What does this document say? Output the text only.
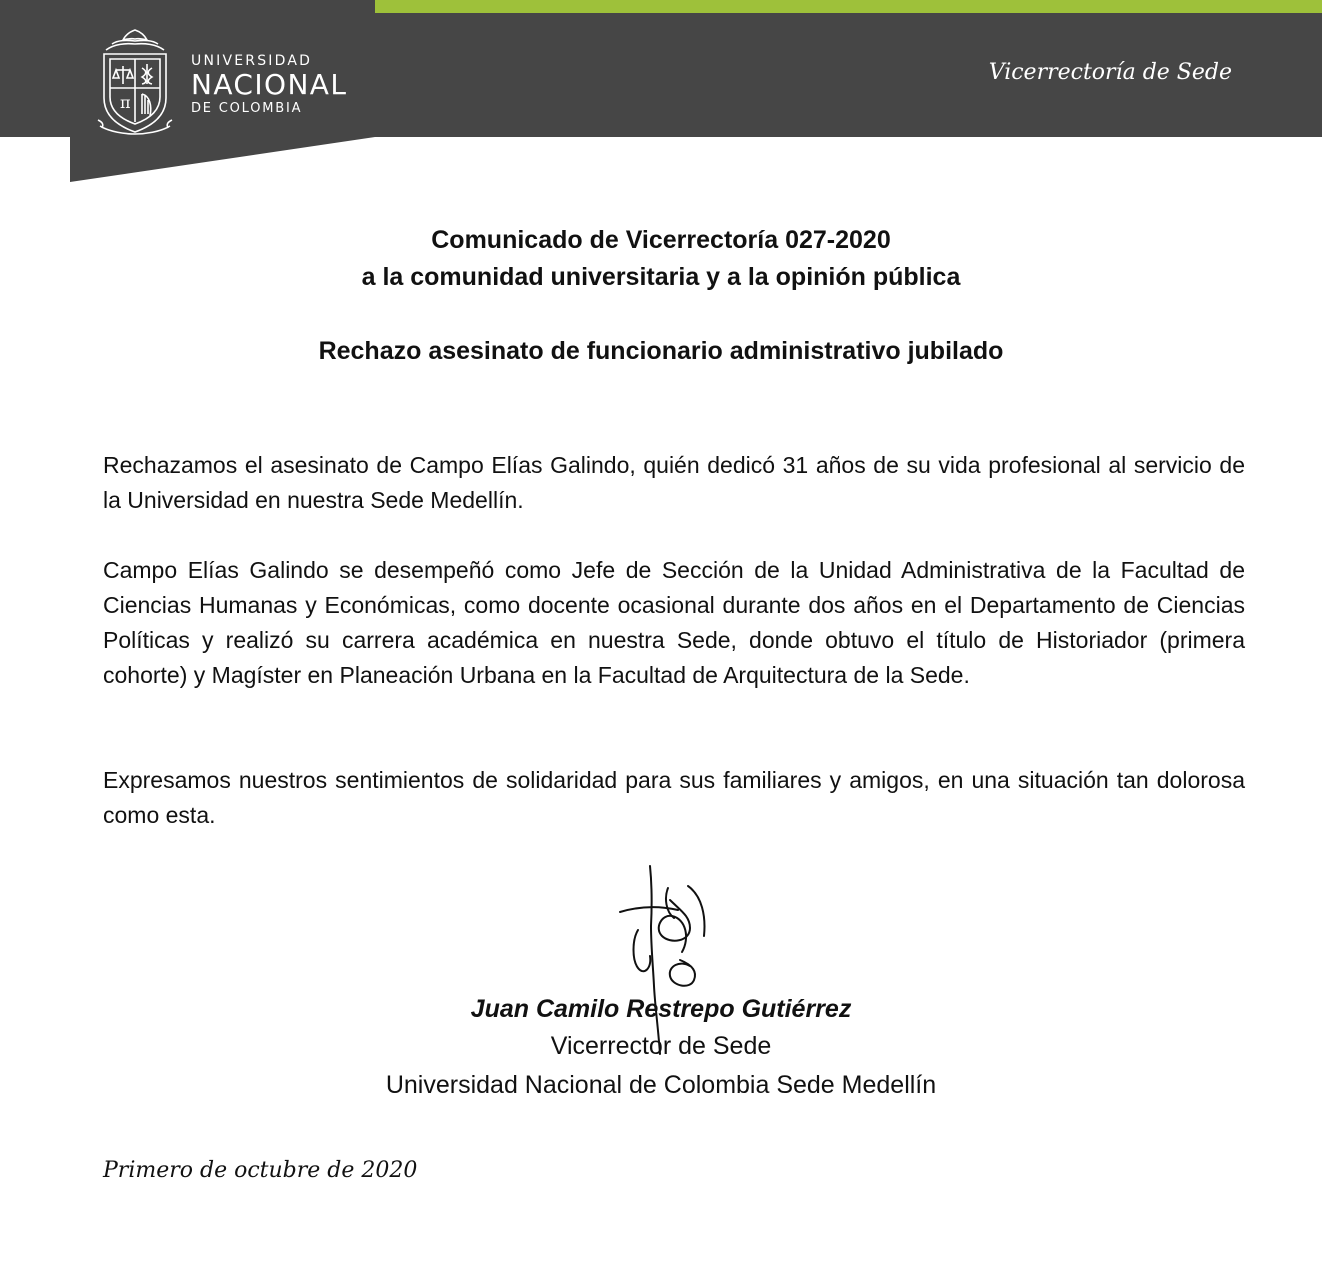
π
UNIVERSIDAD
NACIONAL
DE COLOMBIA
Vicerrectoría de Sede
Comunicado de Vicerrectoría 027-2020
a la comunidad universitaria y a la opinión pública
Rechazo asesinato de funcionario administrativo jubilado

Rechazamos el asesinato de Campo Elías Galindo, quién dedicó 31 años de su vida profesional al servicio de la Universidad en nuestra Sede Medellín.

Campo Elías Galindo se desempeñó como Jefe de Sección de la Unidad Administrativa de la Facultad de Ciencias Humanas y Económicas, como docente ocasional durante dos años en el Departamento de Ciencias Políticas y realizó su carrera académica en nuestra Sede, donde obtuvo el título de Historiador (primera cohorte) y Magíster en Planeación Urbana en la Facultad de Arquitectura de la Sede.

Expresamos nuestros sentimientos de solidaridad para sus familiares y amigos, en una situación tan dolorosa como esta.

Juan Camilo Restrepo Gutiérrez
Vicerrector de Sede
Universidad Nacional de Colombia Sede Medellín
Primero de octubre de 2020
